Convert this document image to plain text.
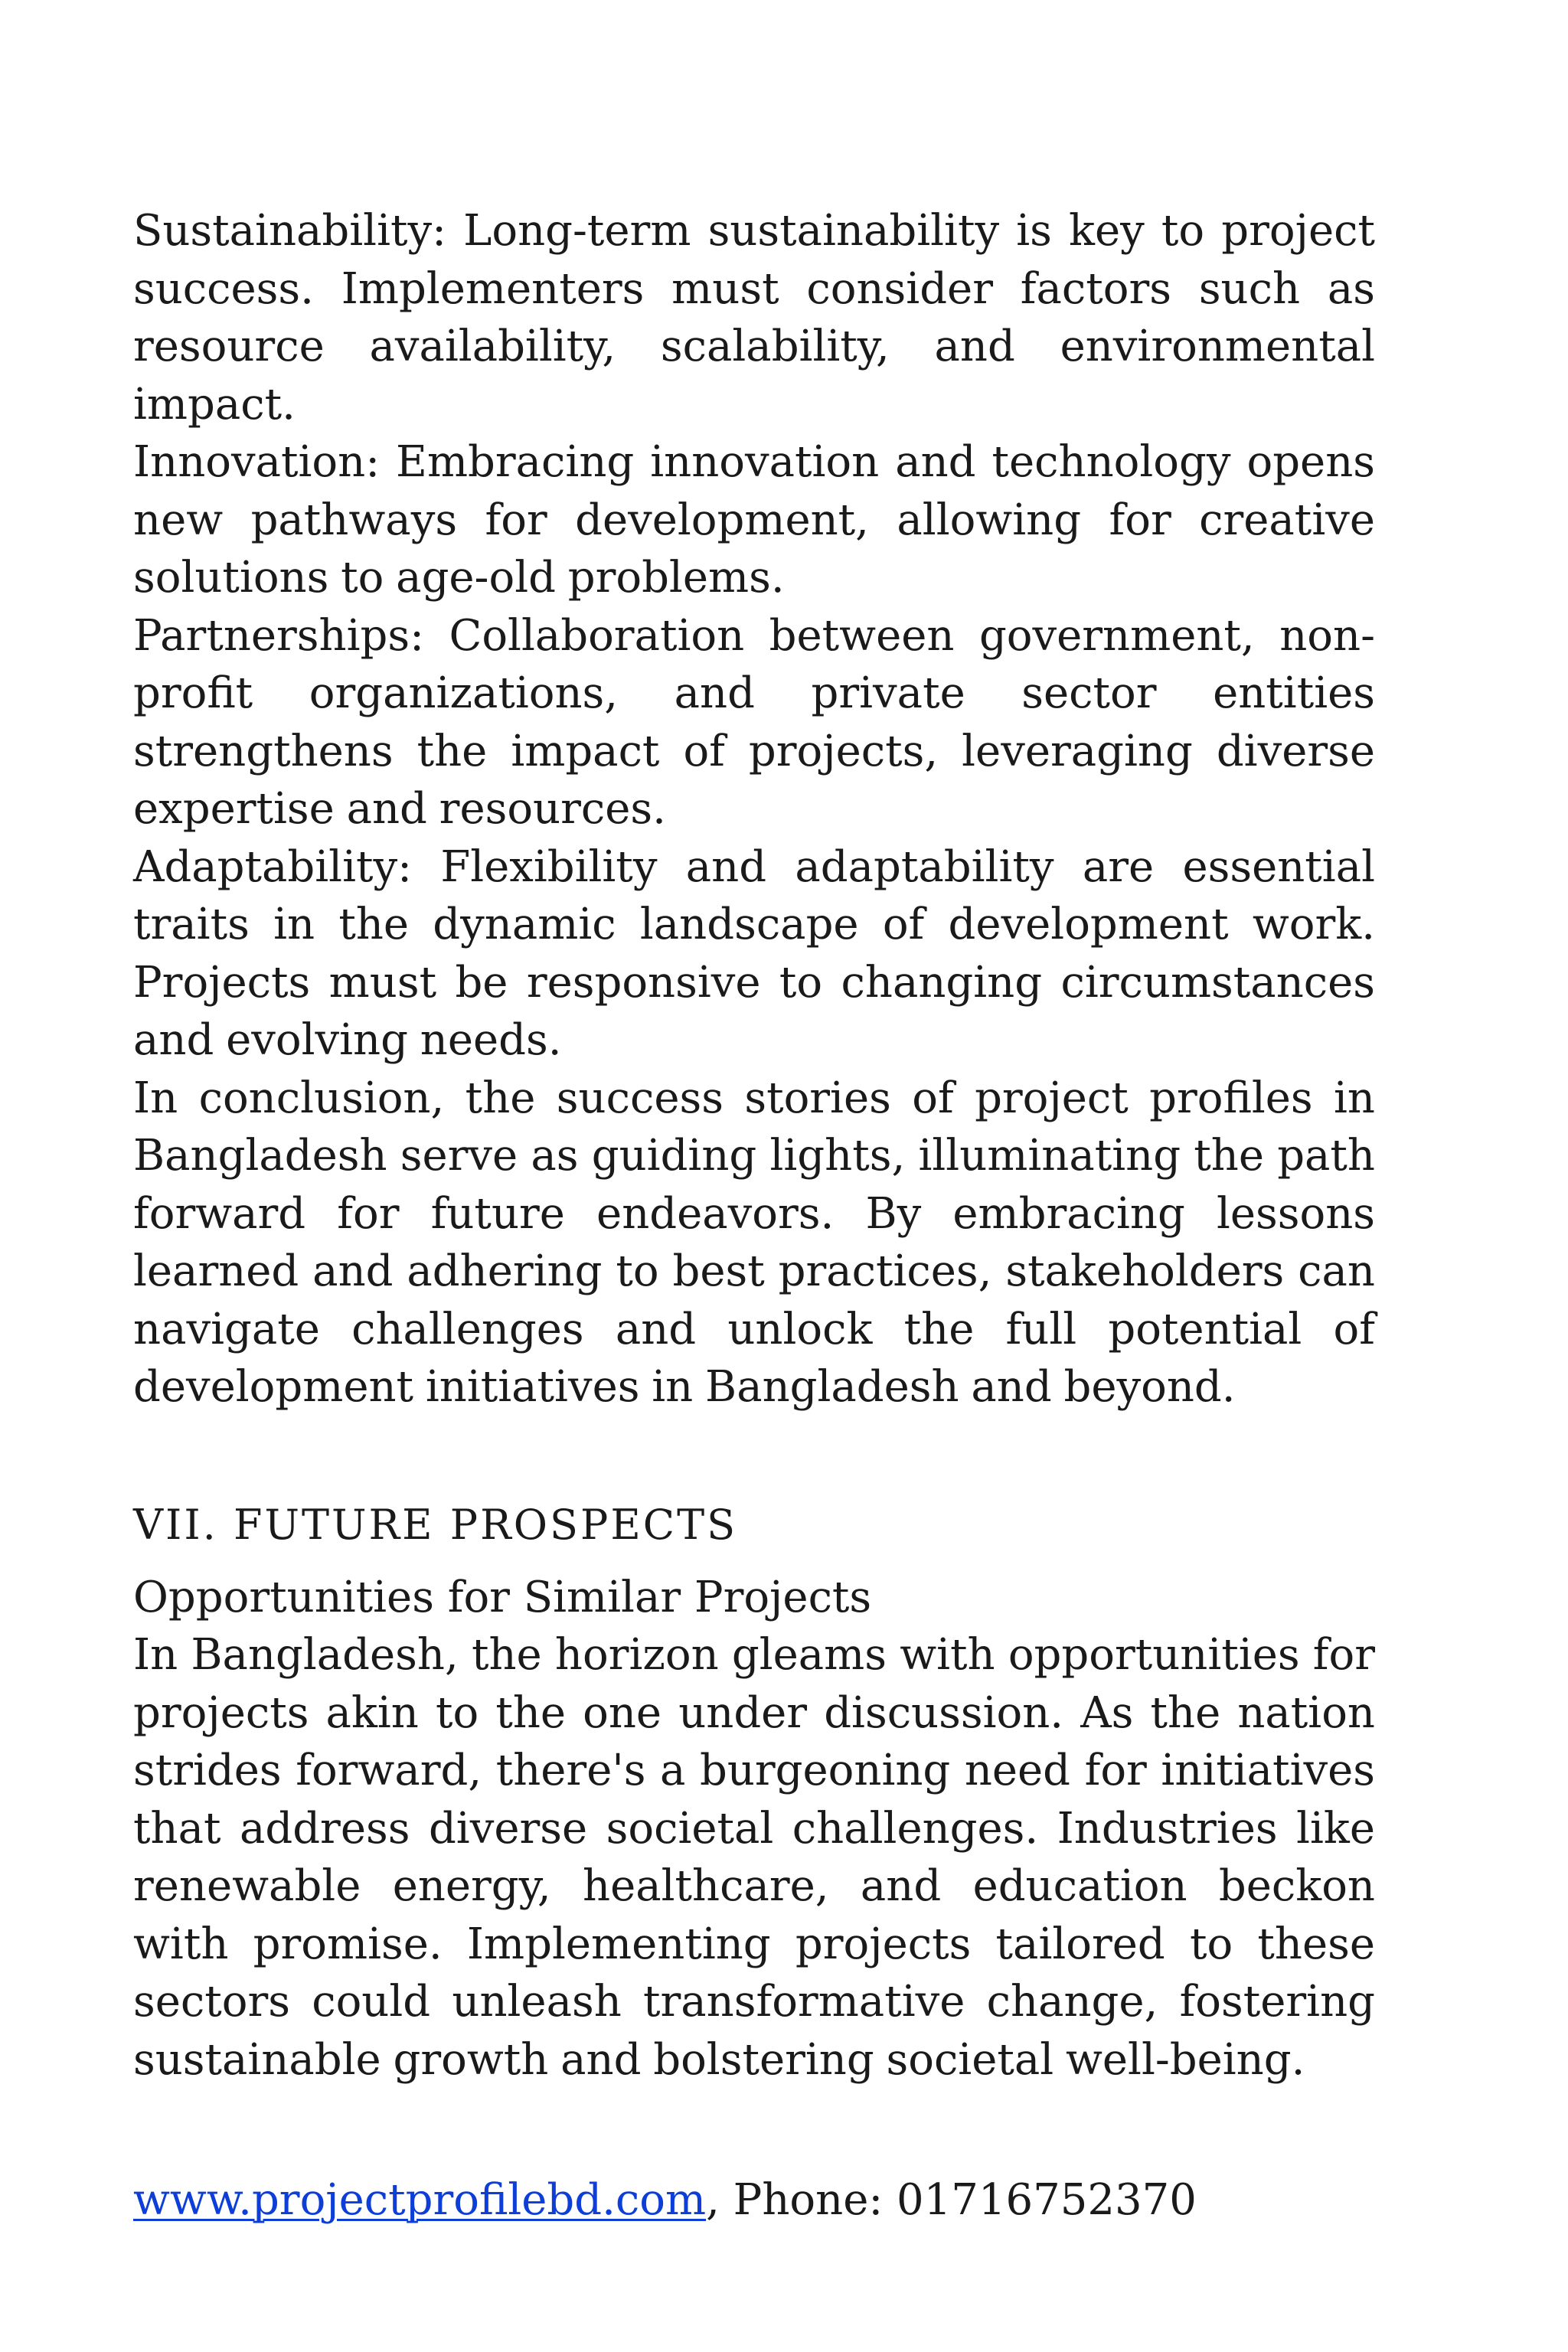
Sustainability: Long-term sustainability is key to project success. Implementers must consider factors such as resource availability, scalability, and environmental impact.

Innovation: Embracing innovation and technology opens new pathways for development, allowing for creative solutions to age-old problems.

Partnerships: Collaboration between government, non-profit organizations, and private sector entities strengthens the impact of projects, leveraging diverse expertise and resources.

Adaptability: Flexibility and adaptability are essential traits in the dynamic landscape of development work. Projects must be responsive to changing circumstances and evolving needs.

In conclusion, the success stories of project profiles in Bangladesh serve as guiding lights, illuminating the path forward for future endeavors. By embracing lessons learned and adhering to best practices, stakeholders can navigate challenges and unlock the full potential of development initiatives in Bangladesh and beyond.

VII. FUTURE PROSPECTS
Opportunities for Similar Projects

In Bangladesh, the horizon gleams with opportunities for projects akin to the one under discussion. As the nation strides forward, there's a burgeoning need for initiatives that address diverse societal challenges. Industries like renewable energy, healthcare, and education beckon with promise. Implementing projects tailored to these sectors could unleash transformative change, fostering sustainable growth and bolstering societal well-being.

www.projectprofilebd.com, Phone: 01716752370
